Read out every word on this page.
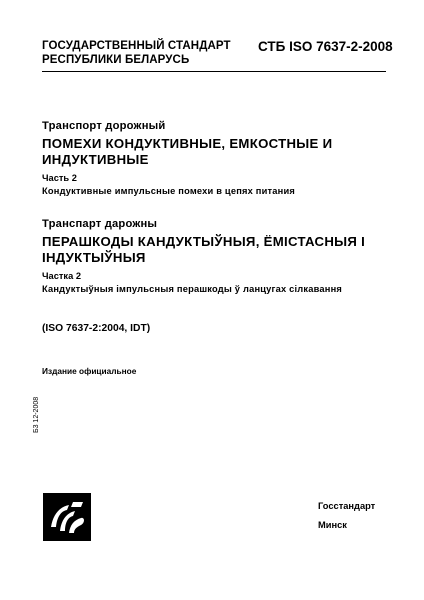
ГОСУДАРСТВЕННЫЙ СТАНДАРТ
РЕСПУБЛИКИ БЕЛАРУСЬ
СТБ ISO 7637-2-2008
Транспорт дорожный
ПОМЕХИ КОНДУКТИВНЫЕ, ЕМКОСТНЫЕ И
ИНДУКТИВНЫЕ
Часть 2
Кондуктивные импульсные помехи в цепях питания
Транспарт дарожны
ПЕРАШКОДЫ КАНДУКТЫЎНЫЯ, ЁМІСТАСНЫЯ І
ІНДУКТЫЎНЫЯ
Частка 2
Кандуктыўныя імпульсныя перашкоды ў ланцугах сілкавання
(ISO 7637-2:2004, IDT)
Издание официальное
Б3 12-2008
Госстандарт
Минск
